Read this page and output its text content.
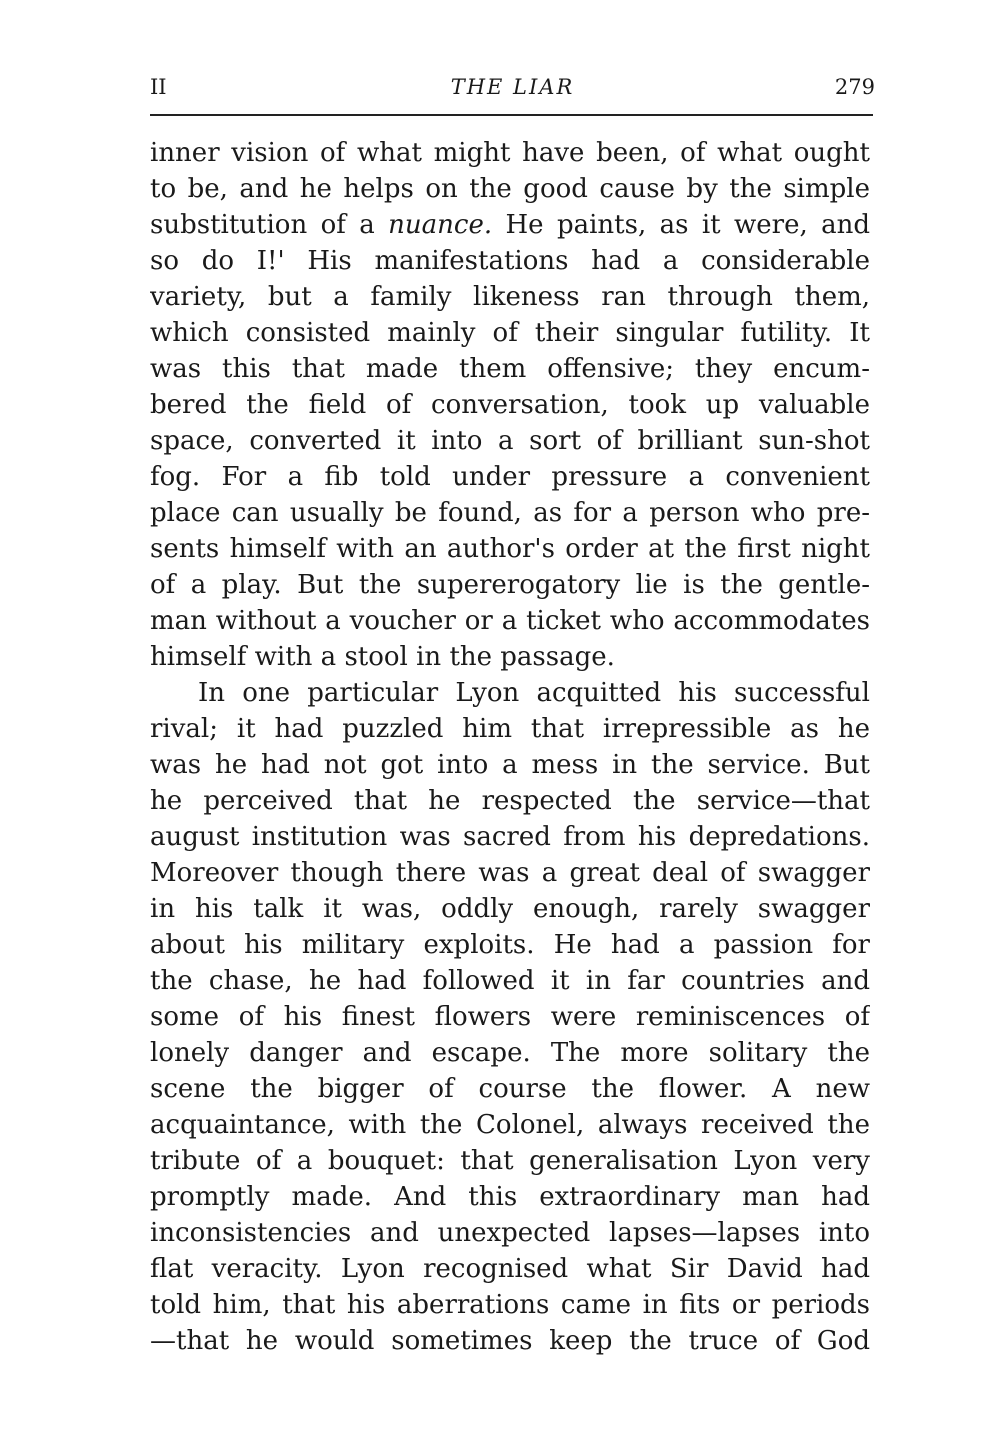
II	THE LIAR	279
inner vision of what might have been, of what ought
to be, and he helps on the good cause by the simple
substitution of a nuance. He paints, as it were, and
so do I!' His manifestations had a considerable
variety, but a family likeness ran through them,
which consisted mainly of their singular futility. It
was this that made them offensive; they encum-
bered the field of conversation, took up valuable
space, converted it into a sort of brilliant sun-shot
fog. For a fib told under pressure a convenient
place can usually be found, as for a person who pre-
sents himself with an author's order at the first night
of a play. But the supererogatory lie is the gentle-
man without a voucher or a ticket who accommodates
himself with a stool in the passage.
In one particular Lyon acquitted his successful
rival; it had puzzled him that irrepressible as he
was he had not got into a mess in the service. But
he perceived that he respected the service—that
august institution was sacred from his depredations.
Moreover though there was a great deal of swagger
in his talk it was, oddly enough, rarely swagger
about his military exploits. He had a passion for
the chase, he had followed it in far countries and
some of his finest flowers were reminiscences of
lonely danger and escape. The more solitary the
scene the bigger of course the flower. A new
acquaintance, with the Colonel, always received the
tribute of a bouquet: that generalisation Lyon very
promptly made. And this extraordinary man had
inconsistencies and unexpected lapses—lapses into
flat veracity. Lyon recognised what Sir David had
told him, that his aberrations came in fits or periods
—that he would sometimes keep the truce of God
